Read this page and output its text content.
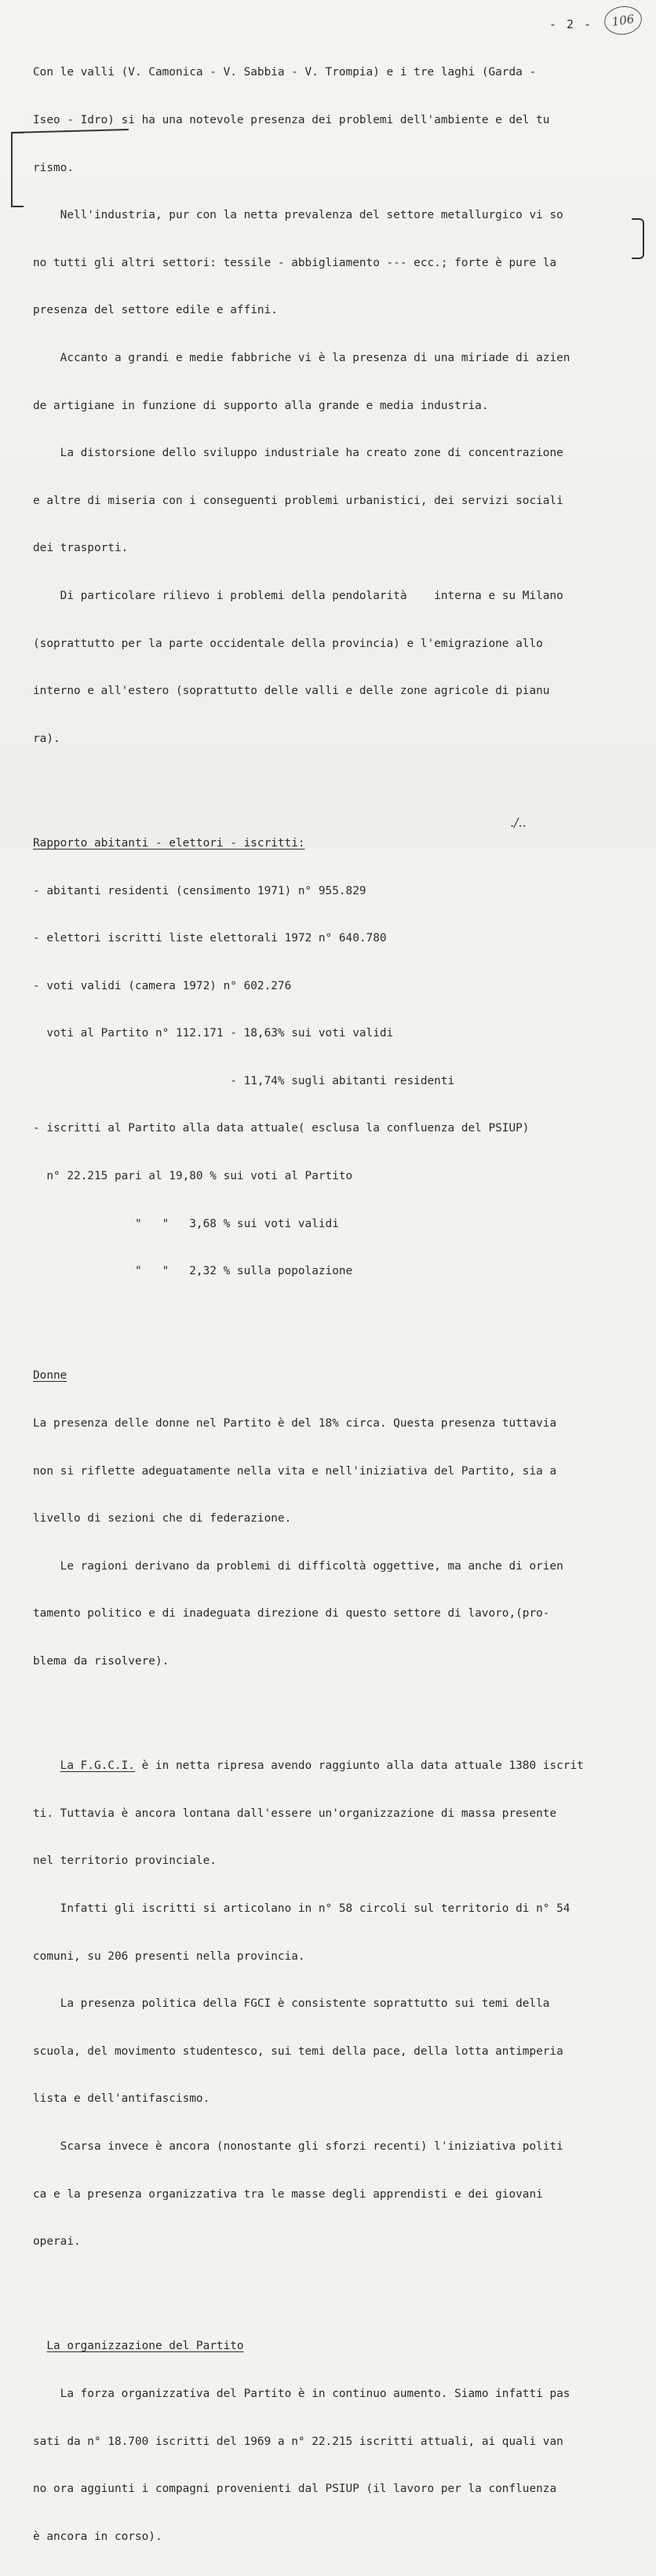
- 2 -	106

Con le valli (V. Camonica - V. Sabbia - V. Trompia) e i tre laghi (Garda -

Iseo - Idro) si ha una notevole presenza dei problemi dell'ambiente e del tu

rismo.

Nell'industria, pur con la netta prevalenza del settore metallurgico vi so

no tutti gli altri settori: tessile - abbigliamento --- ecc.; forte è pure la

presenza del settore edile e affini.

Accanto a grandi e medie fabbriche vi è la presenza di una miriade di azien

de artigiane in funzione di supporto alla grande e media industria.

La distorsione dello sviluppo industriale ha creato zone di concentrazione

e altre di miseria con i conseguenti problemi urbanistici, dei servizi sociali

dei trasporti.

Di particolare rilievo i problemi della pendolarità    interna e su Milano

(soprattutto per la parte occidentale della provincia) e l'emigrazione allo

interno e all'estero (soprattutto delle valli e delle zone agricole di pianu

ra).

Rapporto abitanti - elettori - iscritti:

- abitanti residenti (censimento 1971) n° 955.829

- elettori iscritti liste elettorali 1972 n° 640.780

- voti validi (camera 1972) n° 602.276

voti al Partito n° 112.171 - 18,63% sui voti validi

- 11,74% sugli abitanti residenti

- iscritti al Partito alla data attuale( esclusa la confluenza del PSIUP)

n° 22.215 pari al 19,80 % sui voti al Partito

"   "   3,68 % sui voti validi

"   "   2,32 % sulla popolazione

Donne

La presenza delle donne nel Partito è del 18% circa. Questa presenza tuttavia

non si riflette adeguatamente nella vita e nell'iniziativa del Partito, sia a

livello di sezioni che di federazione.

Le ragioni derivano da problemi di difficoltà oggettive, ma anche di orien

tamento politico e di inadeguata direzione di questo settore di lavoro,(pro-

blema da risolvere).

La F.G.C.I. è in netta ripresa avendo raggiunto alla data attuale 1380 iscrit

ti. Tuttavia è ancora lontana dall'essere un'organizzazione di massa presente

nel territorio provinciale.

Infatti gli iscritti si articolano in n° 58 circoli sul territorio di n° 54

comuni, su 206 presenti nella provincia.

La presenza politica della FGCI è consistente soprattutto sui temi della

scuola, del movimento studentesco, sui temi della pace, della lotta antimperia

lista e dell'antifascismo.

Scarsa invece è ancora (nonostante gli sforzi recenti) l'iniziativa politi

ca e la presenza organizzativa tra le masse degli apprendisti e dei giovani

operai.

La organizzazione del Partito

La forza organizzativa del Partito è in continuo aumento. Siamo infatti pas

sati da n° 18.700 iscritti del 1969 a n° 22.215 iscritti attuali, ai quali van

no ora aggiunti i compagni provenienti dal PSIUP (il lavoro per la confluenza

è ancora in corso).

./..
